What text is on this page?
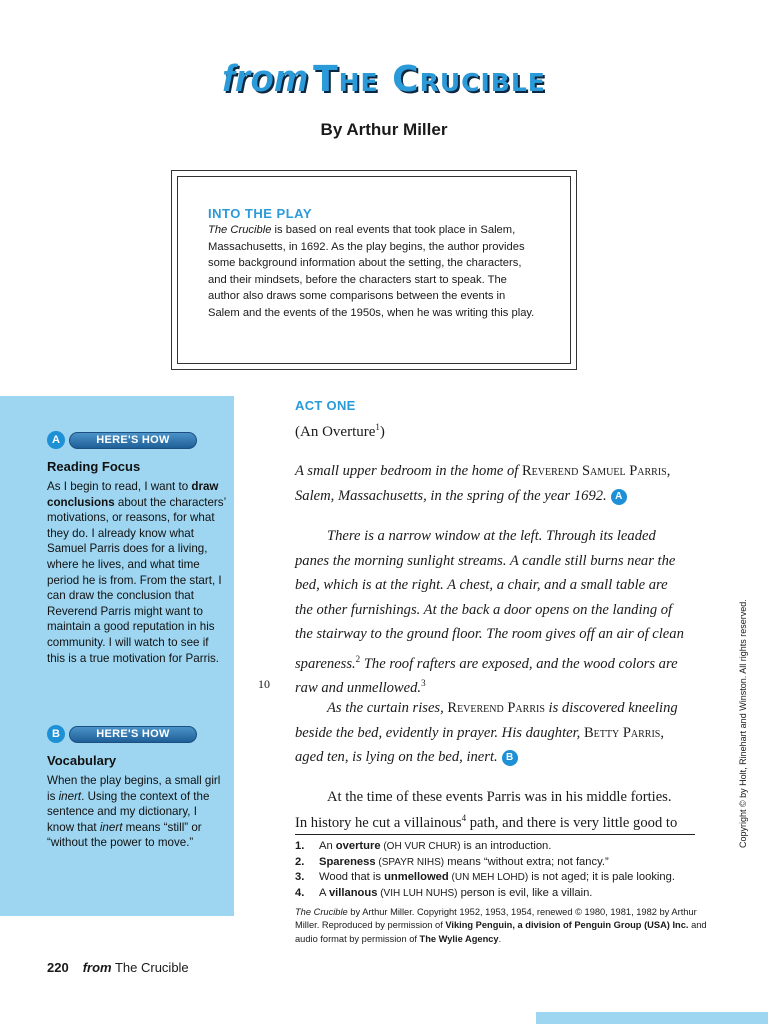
from The Crucible
By Arthur Miller
INTO THE PLAY
The Crucible is based on real events that took place in Salem, Massachusetts, in 1692. As the play begins, the author provides some background information about the setting, the characters, and their mindsets, before the characters start to speak. The author also draws some comparisons between the events in Salem and the events of the 1950s, when he was writing this play.
A	HERE'S HOW
Reading Focus
As I begin to read, I want to draw conclusions about the characters’ motivations, or reasons, for what they do. I already know what Samuel Parris does for a living, where he lives, and what time period he is from. From the start, I can draw the conclusion that Reverend Parris might want to maintain a good reputation in his community. I will watch to see if this is a true motivation for Parris.
B	HERE'S HOW
Vocabulary
When the play begins, a small girl is inert. Using the context of the sentence and my dictionary, I know that inert means “still” or “without the power to move.”
ACT ONE
(An Overture$^1$)
A small upper bedroom in the home of Reverend Samuel Parris,
Salem, Massachusetts, in the spring of the year 1692. A
There is a narrow window at the left. Through its leaded
panes the morning sunlight streams. A candle still burns near the
bed, which is at the right. A chest, a chair, and a small table are
the other furnishings. At the back a door opens on the landing of
the stairway to the ground floor. The room gives off an air of clean
spareness.$^2$ The roof rafters are exposed, and the wood colors are
10 raw and unmellowed.$^3$
As the curtain rises, Reverend Parris is discovered kneeling
beside the bed, evidently in prayer. His daughter, Betty Parris,
aged ten, is lying on the bed, inert. B
At the time of these events Parris was in his middle forties.
In history he cut a villainous$^4$ path, and there is very little good to
1.	An overture (OH VUR CHUR) is an introduction.
2.	Spareness (SPAYR NIHS) means “without extra; not fancy.”
3.	Wood that is unmellowed (UN MEH LOHD) is not aged; it is pale looking.
4.	A villanous (VIH LUH NUHS) person is evil, like a villain.
The Crucible by Arthur Miller. Copyright 1952, 1953, 1954, renewed © 1980, 1981, 1982 by Arthur Miller. Reproduced by permission of Viking Penguin, a division of Penguin Group (USA) Inc. and audio format by permission of The Wylie Agency.
Copyright © by Holt, Rinehart and Winston. All rights reserved.
220 from The Crucible
